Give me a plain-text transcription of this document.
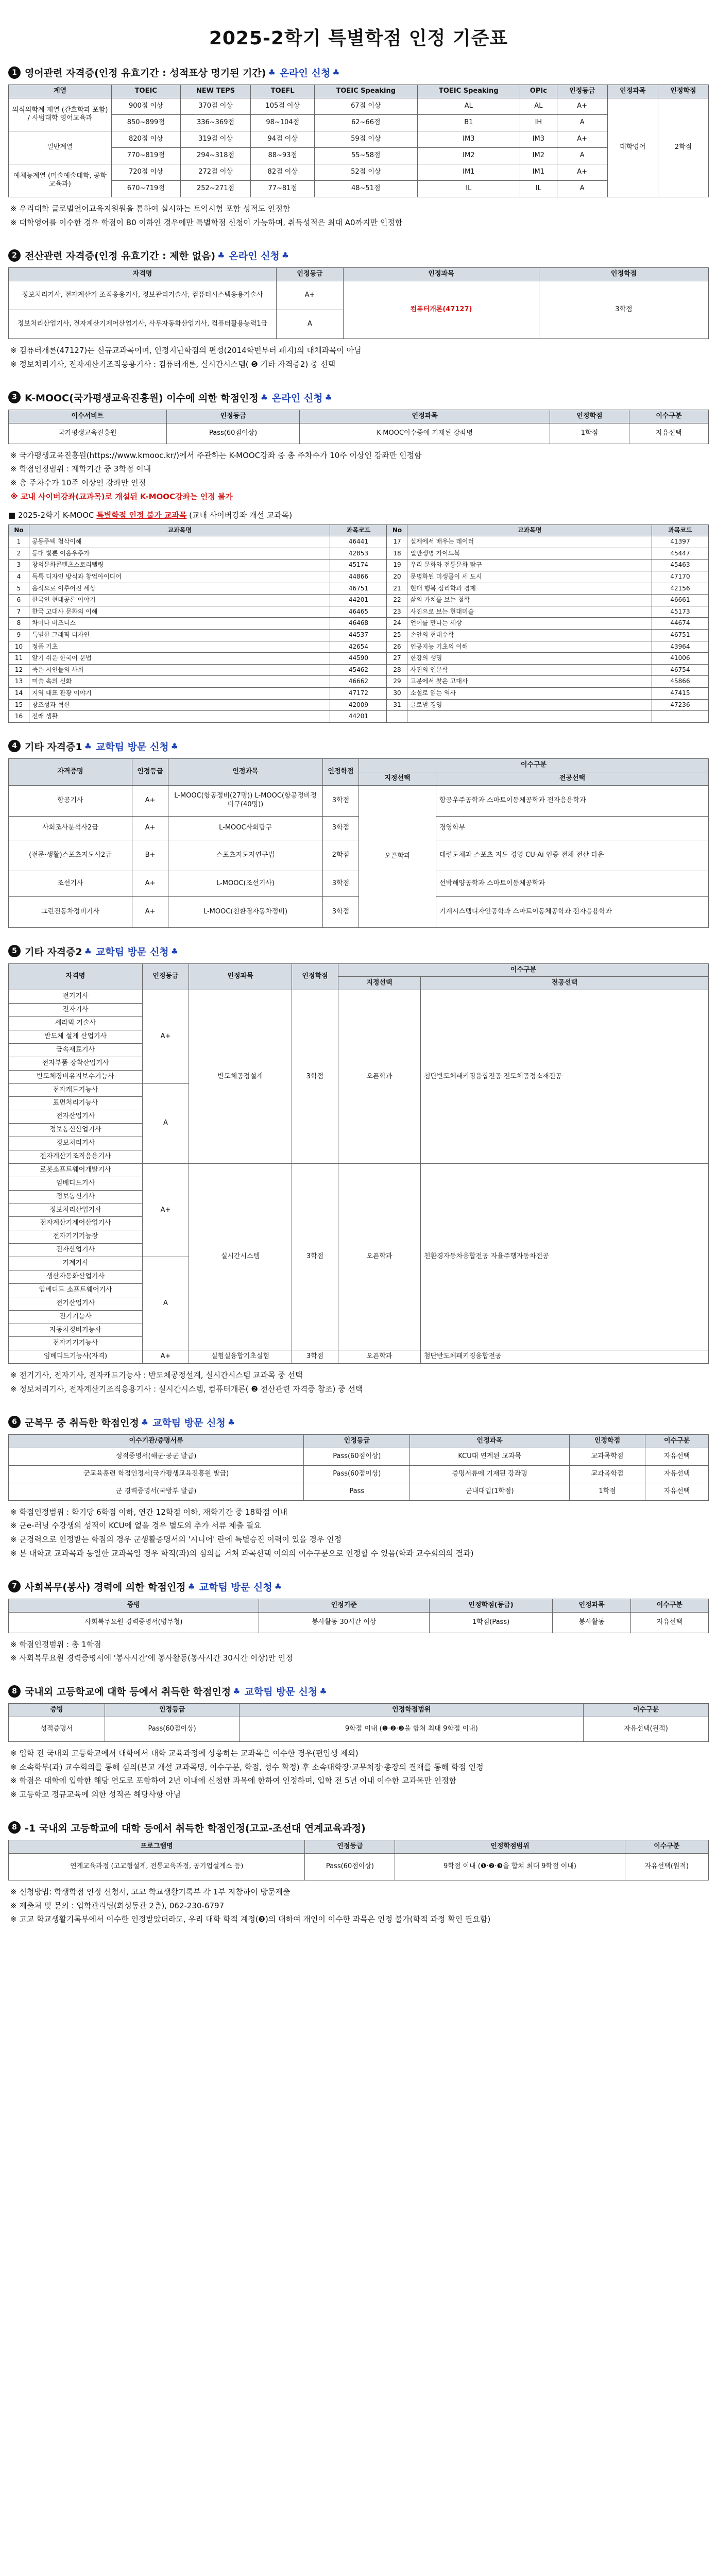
2025-2학기 특별학점 인정 기준표
1 영어관련 자격증(인정 유효기간 : 성적표상 명기된 기간) ♣ 온라인 신청 ♣
계열	TOEIC	NEW TEPS	TOEFL	TOEIC Speaking	TOEIC Speaking	OPIc	인정등급	인정과목	인정학점
의식의학계 제열 (간호학과 포함) / 사범대학 영어교육과	900점 이상	370점 이상	105점 이상	67점 이상	AL	AL	A+	대학영어	2학점
	850~899점	336~369점	98~104점	62~66점	B1	IH	A		
일반계열	820점 이상	319점 이상	94점 이상	59점 이상	IM3	IM3	A+		
	770~819점	294~318점	88~93점	55~58점	IM2	IM2	A		
예체능계열 (미술예술대학, 공학교육과)	720점 이상	272점 이상	82점 이상	52점 이상	IM1	IM1	A+		
	670~719점	252~271점	77~81점	48~51점	IL	IL	A		

※ 우리대학 글로벌언어교육지원원을 통하여 실시하는 토익시험 포함 성적도 인정함

※ 대학영어를 이수한 경우 학점이 B0 이하인 경우에만 특별학점 신청이 가능하며, 취득성적은 최대 A0까지만 인정함

2 전산관련 자격증(인정 유효기간 : 제한 없음) ♣ 온라인 신청 ♣
자격명	인정등급	인정과목	인정학점
정보처리기사, 전자계산기 조직응용기사, 정보관리기술사, 컴퓨터시스템응용기술사	A+	컴퓨터개론(47127)	3학점
정보처리산업기사, 전자계산기제어산업기사, 사무자동화산업기사, 컴퓨터활용능력1급	A		

※ 컴퓨터개론(47127)는 신규교과목이며, 인정지난학점의 편성(2014학번부터 폐지)의 대체과목이 아님

※ 정보처리기사, 전자계산기조직응용기사 : 컴퓨터개론, 실시간시스템( ❺ 기타 자격증2) 중 선택

3 K-MOOC(국가평생교육진흥원) 이수에 의한 학점인정 ♣ 온라인 신청 ♣
이수서비트	인정등급	인정과목	인정학점	이수구분
국가평생교육진흥원	Pass(60점이상)	K-MOOC이수증에 기재된 강좌명	1학점	자유선택

※ 국가평생교육진흥원(https://www.kmooc.kr/)에서 주관하는 K-MOOC강좌 중 총 주차수가 10주 이상인 강좌만 인정함

※ 학점인정범위 : 재학기간 중 3학점 이내

※ 총 주차수가 10주 이상인 강좌만 인정

※ 교내 사이버강좌(교과목)로 개설된 K-MOOC강좌는 인정 불가

■ 2025-2학기 K-MOOC 특별학점 인정 불가 교과목 (교내 사이버강좌 개설 교과목)
No	교과목명	과목코드	No	교과목명	과목코드
1	공동주택 첨삭이해	46441	17	실제에서 배우는 데이터	41397
2	등대 빛뿐 이음우주가	42853	18	일반생명 가이드북	45447
3	창의문화콘텐츠스토리텔링	45174	19	우리 문화와 전통문화 탐구	45463
4	독특 디자인 방식과 창업아이디어	44866	20	문명화된 미생물이 세 도시	47170
5	음식으로 이루어진 세상	46751	21	현대 행복 심리학과 경제	42156
6	한국인 현대공론 이야기	44201	22	삶의 가치를 보는 철학	46661
7	한국 고대사 문화의 이해	46465	23	사진으로 보는 현대미술	45173
8	차이나 비즈니스	46468	24	언어를 만나는 세상	44674
9	특별한 그래픽 디자인	44537	25	손안의 현대수학	46751
10	정품 기초	42654	26	인공지능 기초의 이해	43964
11	알기 쉬운 한국어 문법	44590	27	한강의 생명	41006
12	죽은 시인들의 사회	45462	28	사진의 인문학	46754
13	미술 속의 신화	46662	29	고분에서 찾은 고대사	45866
14	지역 대표 관광 이야기	47172	30	소설로 읽는 역사	47415
15	창조성과 혁신	42009	31	글로벌 경영	47236
16	전래 생활	44201			
4 기타 자격증1 ♣ 교학팀 방문 신청 ♣
자격증명	인정등급	인정과목	인정학점	이수구분	
				지정선택	전공선택
항공기사	A+	L-MOOC(항공정비(27명)) L-MOOC(항공정비정비구(40명))	3학점	오픈학과	항공우주공학과 스마트이동체공학과 전자응용학과
사회조사분석사2급	A+	L-MOOC사회탐구	3학점		경영학부
(전문·생활)스포츠지도사2급	B+	스포츠지도자연구법	2학점		대련도체과 스포츠 지도 경영 CU-Ai 인증 전체 전산 다운
조선기사	A+	L-MOOC(조선기사)	3학점		선박해양공학과 스마트이동체공학과
그린전동차정비기사	A+	L-MOOC(친환경자동차정비)	3학점		기계시스템디자인공학과 스마트이동체공학과 전자응용학과
5 기타 자격증2 ♣ 교학팀 방문 신청 ♣
자격명	인정등급	인정과목	인정학점	이수구분	
				지정선택	전공선택
전기기사	A+	반도체공정설계	3학점	오픈학과	첨단반도체패키징융합전공 전도체공정소재전공
전자기사					
세라믹 기술사					
반도체 설계 산업기사					
금속재료기사					
전자부품 장착산업기사					
반도체장비유지보수기능사					
전자캐드기능사	A				
표면처리기능사					
전자산업기사					
정보통신산업기사					
정보처리기사					
전자계산기조직응용기사					
로봇소프트웨어개발기사	A+	실시간시스템	3학점	오픈학과	친환경자동차융합전공 자율주행자동차전공
임베디드기사					
정보통신기사					
정보처리산업기사					
전자계산기제어산업기사					
전자기기기능장					
전자산업기사					
기계기사	A				
생산자동화산업기사					
임베디드 소프트웨어기사					
전기산업기사					
전기기능사					
자동차정비기능사					
전자기기기능사					
임베디드기능사(자격)	A+	실험실융합기초실험	3학점	오픈학과	첨단반도체패키징융합전공

※ 전기기사, 전자기사, 전자캐드기능사 : 반도체공정설계, 실시간시스템 교과목 중 선택

※ 정보처리기사, 전자계산기조직응용기사 : 실시간시스템, 컴퓨터개론( ❷ 전산관련 자격증 참조) 중 선택

6 군복무 중 취득한 학점인정 ♣ 교학팀 방문 신청 ♣
이수기관/증명서류	인정등급	인정과목	인정학점	이수구분
성적증명서(해군·공군 발급)	Pass(60점이상)	KCU대 연계된 교과목	교과목학점	자유선택
군교육훈련 학점인정서(국가평생교육진흥원 발급)	Pass(60점이상)	증명서류에 기재된 강좌명	교과목학점	자유선택
군 경력증명서(국방부 발급)	Pass	군내대입(1학점)	1학점	자유선택

※ 학점인정범위 : 학기당 6학점 이하, 연간 12학점 이하, 재학기간 중 18학점 이내

※ 군e-러닝 수강생의 성적이 KCU에 없을 경우 별도의 추가 서류 제출 필요

※ 군경력으로 인정받는 학점의 경우 군생활증명서의 '시니어' 란에 특별승진 이력이 있을 경우 인정

※ 본 대학교 교과목과 동일한 교과목일 경우 학적(과)의 심의를 거쳐 과목선택 이외의 이수구분으로 인정할 수 있음(학과 교수회의의 결과)

7 사회복무(봉사) 경력에 의한 학점인정 ♣ 교학팀 방문 신청 ♣
증빙	인정기준	인정학점(등급)	인정과목	이수구분
사회복무요원 경력증명서(병무청)	봉사활동 30시간 이상	1학점(Pass)	봉사활동	자유선택

※ 학점인정범위 : 총 1학점

※ 사회복무요원 경력증명서에 '봉사시간'에 봉사활동(봉사시간 30시간 이상)만 인정

8 국내외 고등학교에 대학 등에서 취득한 학점인정 ♣ 교학팀 방문 신청 ♣
증빙	인정등급	인정학점범위	이수구분
성적증명서	Pass(60점이상)	9학점 이내 (❶·❷·❸을 합쳐 최대 9학점 이내)	자유선택(원적)

※ 입학 전 국내외 고등학교에서 대학에서 대학 교육과정에 상응하는 교과목을 이수한 경우(편입생 제외)

※ 소속학부(과) 교수회의를 통해 심의(본교 개설 교과목명, 이수구분, 학점, 성수 확정) 후 소속대학장·교무처장·총장의 결재를 통해 학점 인정

※ 학점은 대학에 입학한 해당 연도로 포함하여 2년 이내에 신청한 과목에 한하여 인정하며, 입학 전 5년 이내 이수한 교과목만 인정함

※ 고등학교 정규교육에 의한 성적은 해당사항 아님

8 -1 국내외 고등학교에 대학 등에서 취득한 학점인정(고교-조선대 연계교육과정)
프로그램명	인정등급	인정학점범위	이수구분
연계교육과정 (고교형설계, 전통교육과정, 공기업설계소 등)	Pass(60점이상)	9학점 이내 (❶·❷·❸을 합쳐 최대 9학점 이내)	자유선택(원적)

※ 신청방법: 학생학점 인정 신청서, 고교 학교생활기록부 각 1부 지참하여 방문제출

※ 제출처 및 문의 : 입학관리팀(회성동관 2층), 062-230-6797

※ 고교 학교생활기록부에서 이수한 인정받았더라도, 우리 대학 학적 계정(❽)의 대하여 개인이 이수한 과목은 인정 불가(학적 과정 확인 필요함)
